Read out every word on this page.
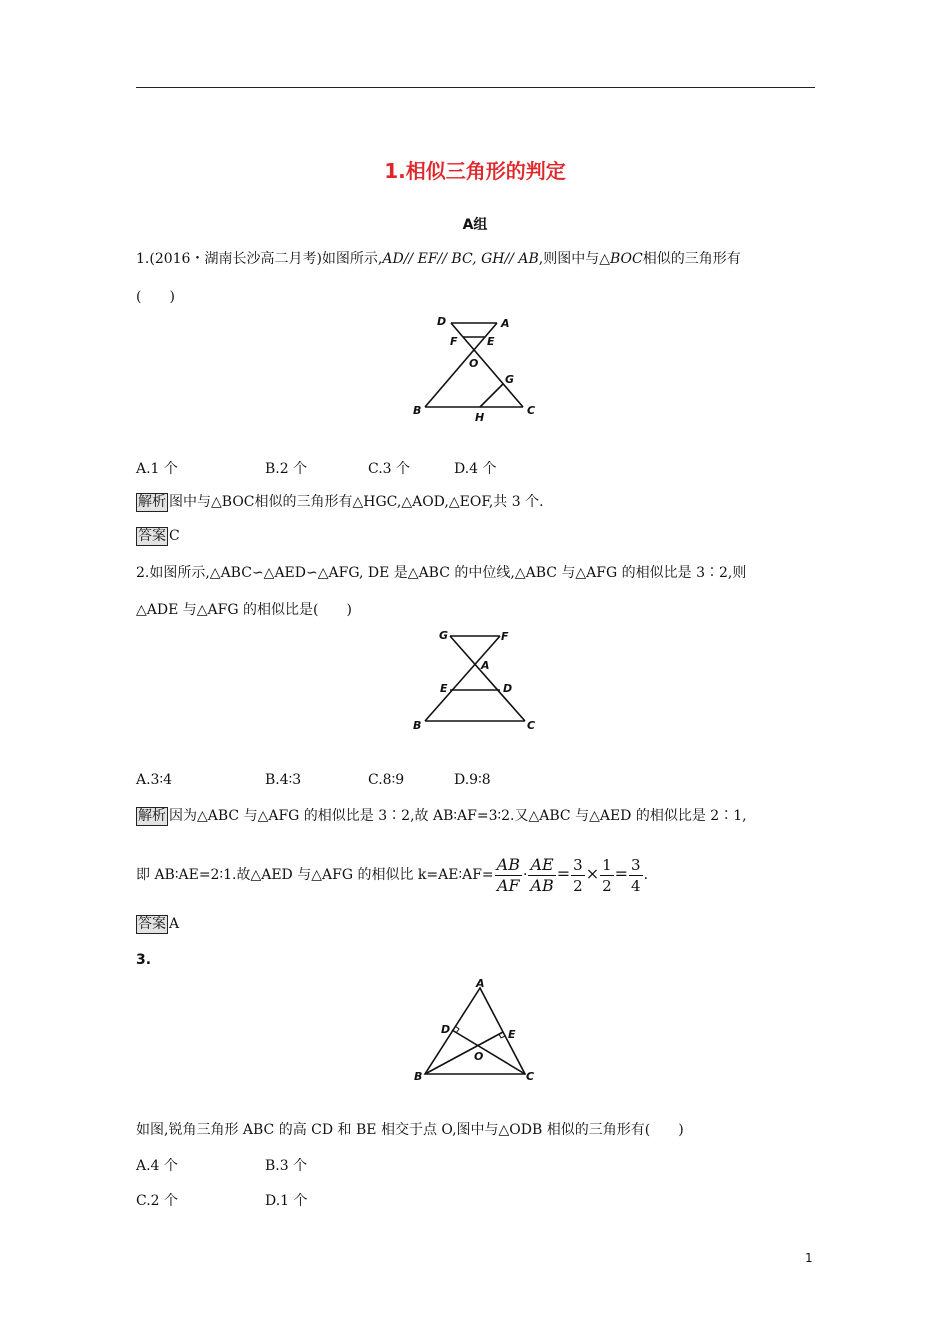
1.相似三角形的判定
A组
1.(2016・湖南长沙高二月考)如图所示,AD// EF// BC, GH// AB,则图中与△BOC相似的三角形有
(　　)
D	A
F	E
O
G
B
H
C
A.1 个	B.2 个	C.3 个	D.4 个
解析 图中与△BOC相似的三角形有△HGC,△AOD,△EOF,共 3 个.
答案 C
2.如图所示,△ABC∽△AED∽△AFG, DE 是△ABC 的中位线,△ABC 与△AFG 的相似比是 3∶2,则
△ADE 与△AFG 的相似比是(　　)
G	F
A
E	D
B	C
A.3∶4	B.4∶3	C.8∶9	D.9∶8
解析 因为△ABC 与△AFG 的相似比是 3∶2,故 AB∶AF=3∶2.又△ABC 与△AED 的相似比是 2∶1,
即 AB∶AE=2∶1.故△AED 与△AFG 的相似比 k=AE∶AF= $\frac{AB}{AF} \cdot \frac{AE}{AB} = \frac{3}{2} \times \frac{1}{2} = \frac{3}{4}$ .
答案 A
3.
A
D	E
O
B	C
如图,锐角三角形 ABC 的高 CD 和 BE 相交于点 O,图中与△ODB 相似的三角形有(　　)
A.4 个	B.3 个
C.2 个	D.1 个
1
